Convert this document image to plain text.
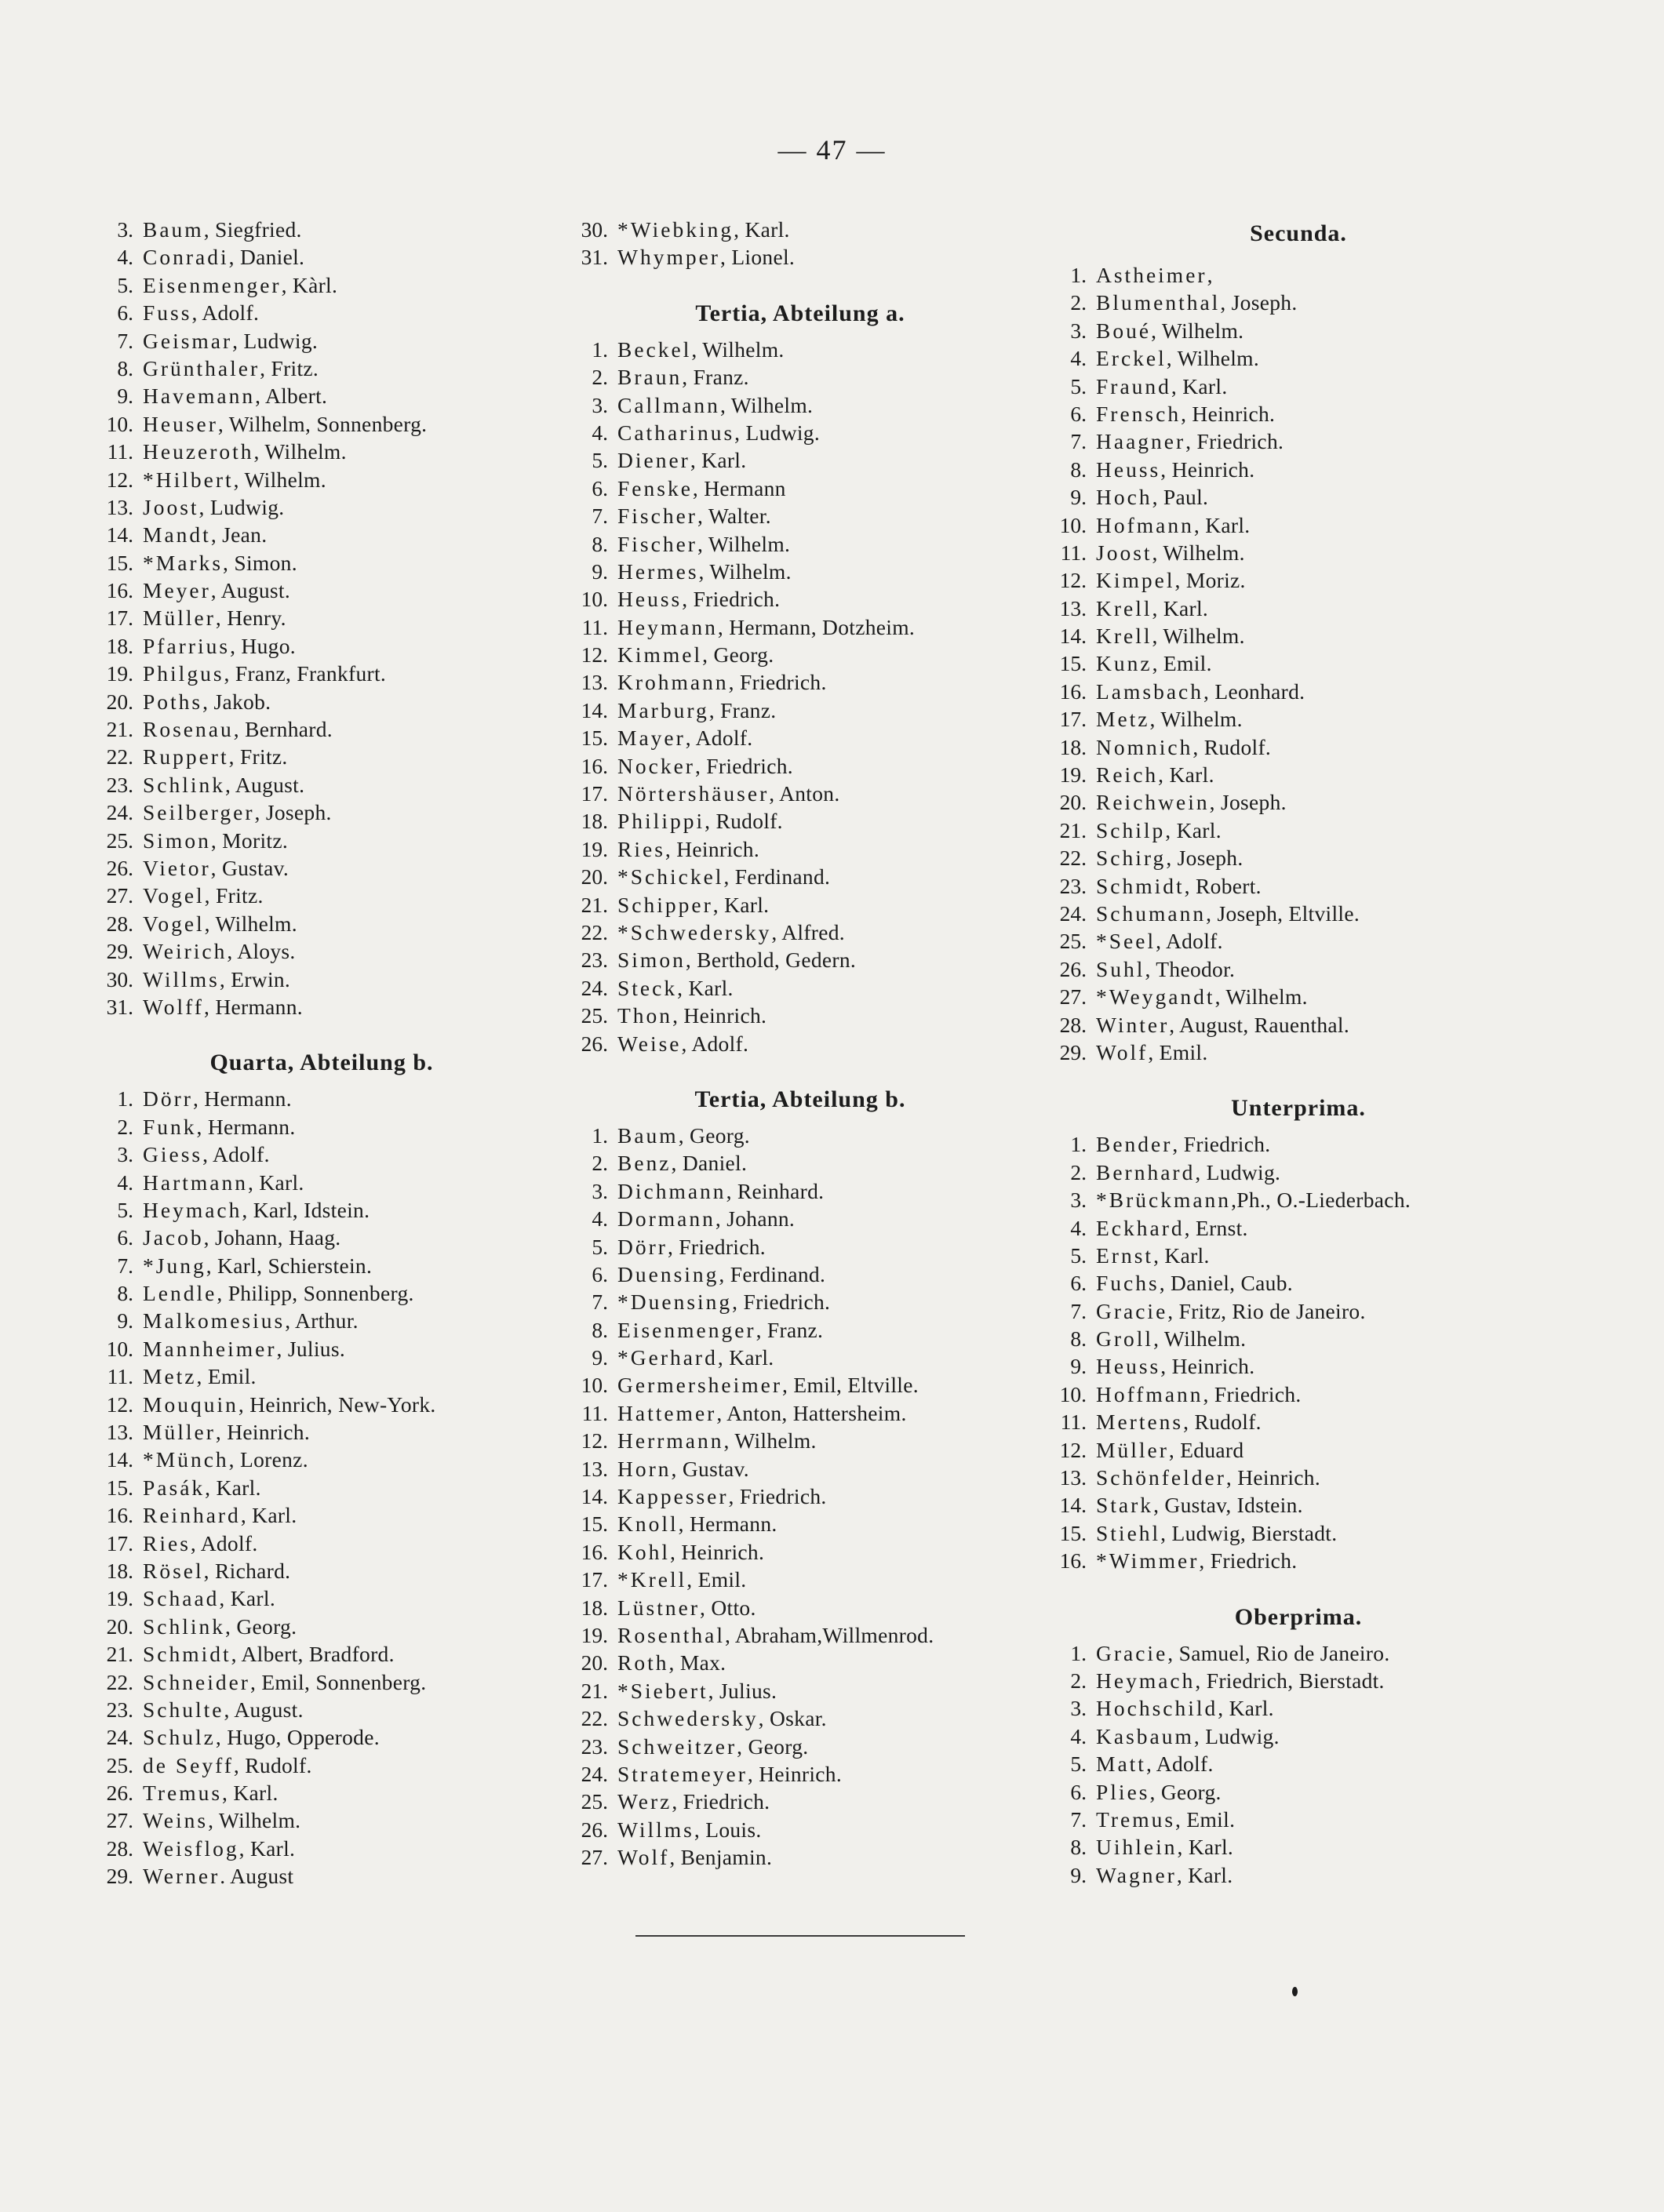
— 47 —
3. Baum , Siegfried.
4. Conradi , Daniel.
5. Eisenmenger , Kàrl.
6. Fuss , Adolf.
7. Geismar , Ludwig.
8. Grünthaler , Fritz.
9. Havemann , Albert.
10. Heuser , Wilhelm, Sonnenberg.
11. Heuzeroth , Wilhelm.
12. *Hilbert , Wilhelm.
13. Joost , Ludwig.
14. Mandt , Jean.
15. *Marks , Simon.
16. Meyer , August.
17. Müller , Henry.
18. Pfarrius , Hugo.
19. Philgus , Franz, Frankfurt.
20. Poths , Jakob.
21. Rosenau , Bernhard.
22. Ruppert , Fritz.
23. Schlink , August.
24. Seilberger , Joseph.
25. Simon , Moritz.
26. Vietor , Gustav.
27. Vogel , Fritz.
28. Vogel , Wilhelm.
29. Weirich , Aloys.
30. Willms , Erwin.
31. Wolff , Hermann.
Quarta, Abteilung b.
1. Dörr , Hermann.
2. Funk , Hermann.
3. Giess , Adolf.
4. Hartmann , Karl.
5. Heymach , Karl, Idstein.
6. Jacob , Johann, Haag.
7. *Jung , Karl, Schierstein.
8. Lendle , Philipp, Sonnenberg.
9. Malkomesius , Arthur.
10. Mannheimer , Julius.
11. Metz , Emil.
12. Mouquin , Heinrich, New-York.
13. Müller , Heinrich.
14. *Münch , Lorenz.
15. Pasák , Karl.
16. Reinhard , Karl.
17. Ries , Adolf.
18. Rösel , Richard.
19. Schaad , Karl.
20. Schlink , Georg.
21. Schmidt , Albert, Bradford.
22. Schneider , Emil, Sonnenberg.
23. Schulte , August.
24. Schulz , Hugo, Opperode.
25. de Seyff , Rudolf.
26. Tremus , Karl.
27. Weins , Wilhelm.
28. Weisflog , Karl.
29. Werner . August
30. *Wiebking , Karl.
31. Whymper , Lionel.
Tertia, Abteilung a.
1. Beckel , Wilhelm.
2. Braun , Franz.
3. Callmann , Wilhelm.
4. Catharinus , Ludwig.
5. Diener , Karl.
6. Fenske , Hermann
7. Fischer , Walter.
8. Fischer , Wilhelm.
9. Hermes , Wilhelm.
10. Heuss , Friedrich.
11. Heymann , Hermann, Dotzheim.
12. Kimmel , Georg.
13. Krohmann , Friedrich.
14. Marburg , Franz.
15. Mayer , Adolf.
16. Nocker , Friedrich.
17. Nörtershäuser , Anton.
18. Philippi , Rudolf.
19. Ries , Heinrich.
20. *Schickel , Ferdinand.
21. Schipper , Karl.
22. *Schwedersky , Alfred.
23. Simon , Berthold, Gedern.
24. Steck , Karl.
25. Thon , Heinrich.
26. Weise , Adolf.
Tertia, Abteilung b.
1. Baum , Georg.
2. Benz , Daniel.
3. Dichmann , Reinhard.
4. Dormann , Johann.
5. Dörr , Friedrich.
6. Duensing , Ferdinand.
7. *Duensing , Friedrich.
8. Eisenmenger , Franz.
9. *Gerhard , Karl.
10. Germersheimer , Emil, Eltville.
11. Hattemer , Anton, Hattersheim.
12. Herrmann , Wilhelm.
13. Horn , Gustav.
14. Kappesser , Friedrich.
15. Knoll , Hermann.
16. Kohl , Heinrich.
17. *Krell , Emil.
18. Lüstner , Otto.
19. Rosenthal , Abraham,Willmenrod.
20. Roth , Max.
21. *Siebert , Julius.
22. Schwedersky , Oskar.
23. Schweitzer , Georg.
24. Stratemeyer , Heinrich.
25. Werz , Friedrich.
26. Willms , Louis.
27. Wolf , Benjamin.
Secunda.
1. Astheimer ,
2. Blumenthal , Joseph.
3. Boué , Wilhelm.
4. Erckel , Wilhelm.
5. Fraund , Karl.
6. Frensch , Heinrich.
7. Haagner , Friedrich.
8. Heuss , Heinrich.
9. Hoch , Paul.
10. Hofmann , Karl.
11. Joost , Wilhelm.
12. Kimpel , Moriz.
13. Krell , Karl.
14. Krell , Wilhelm.
15. Kunz , Emil.
16. Lamsbach , Leonhard.
17. Metz , Wilhelm.
18. Nomnich , Rudolf.
19. Reich , Karl.
20. Reichwein , Joseph.
21. Schilp , Karl.
22. Schirg , Joseph.
23. Schmidt , Robert.
24. Schumann , Joseph, Eltville.
25. *Seel , Adolf.
26. Suhl , Theodor.
27. *Weygandt , Wilhelm.
28. Winter , August, Rauenthal.
29. Wolf , Emil.
Unterprima.
1. Bender , Friedrich.
2. Bernhard , Ludwig.
3. *Brückmann ,Ph., O.-Liederbach.
4. Eckhard , Ernst.
5. Ernst , Karl.
6. Fuchs , Daniel, Caub.
7. Gracie , Fritz, Rio de Janeiro.
8. Groll , Wilhelm.
9. Heuss , Heinrich.
10. Hoffmann , Friedrich.
11. Mertens , Rudolf.
12. Müller , Eduard
13. Schönfelder , Heinrich.
14. Stark , Gustav, Idstein.
15. Stiehl , Ludwig, Bierstadt.
16. *Wimmer , Friedrich.
Oberprima.
1. Gracie , Samuel, Rio de Janeiro.
2. Heymach , Friedrich, Bierstadt.
3. Hochschild , Karl.
4. Kasbaum , Ludwig.
5. Matt , Adolf.
6. Plies , Georg.
7. Tremus , Emil.
8. Uihlein , Karl.
9. Wagner , Karl.
